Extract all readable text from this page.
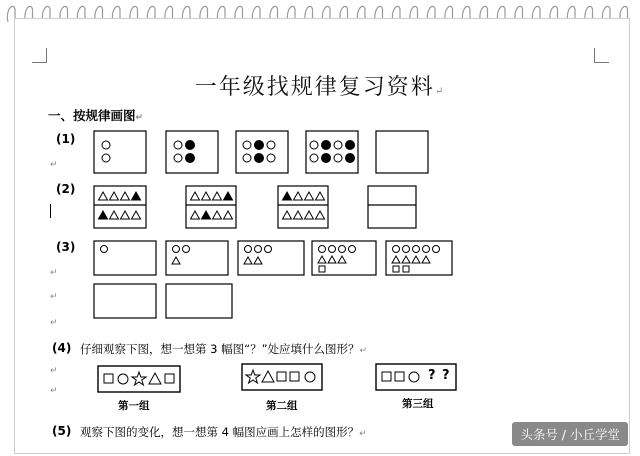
一年级找规律复习资料↵
一、按规律画图↵
(1)
(2)
(3)
(4)
(5)
仔细观察下图，想一想第 3 幅图“？”处应填什么图形？↵
观察下图的变化，想一想第 4 幅图应画上怎样的图形？↵
↵
↵
↵
↵
↵
↵
第一组	第二组
? ?
第三组
头条号 / 小丘学堂
